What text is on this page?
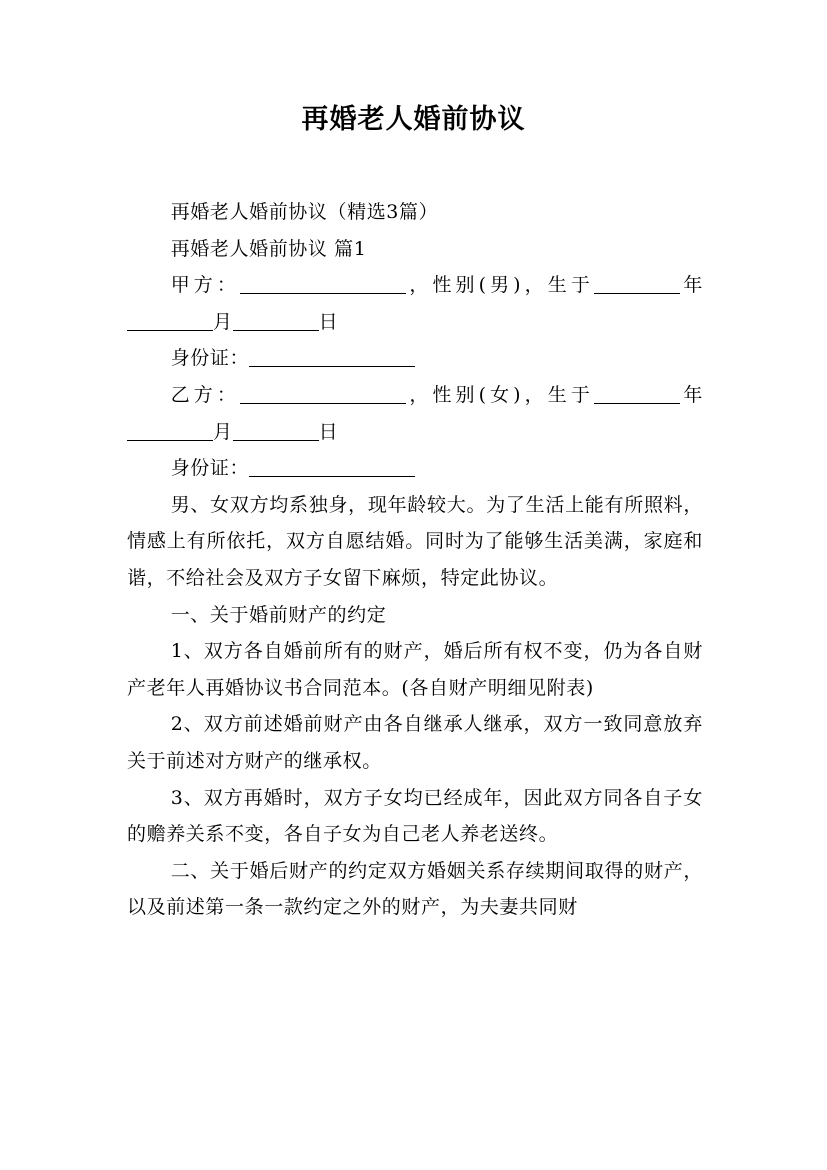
再婚老人婚前协议

再婚老人婚前协议（精选3篇）

再婚老人婚前协议 篇1

甲方：	，性别(男)，生于	年月	日

身份证：

乙方：	，性别(女)，生于	年月	日

身份证：

男、女双方均系独身，现年龄较大。为了生活上能有所照料，情感上有所依托，双方自愿结婚。同时为了能够生活美满，家庭和谐，不给社会及双方子女留下麻烦，特定此协议。

一、关于婚前财产的约定

1、双方各自婚前所有的财产，婚后所有权不变，仍为各自财产老年人再婚协议书合同范本。(各自财产明细见附表)

2、双方前述婚前财产由各自继承人继承，双方一致同意放弃关于前述对方财产的继承权。

3、双方再婚时，双方子女均已经成年，因此双方同各自子女的赡养关系不变，各自子女为自己老人养老送终。

二、关于婚后财产的约定双方婚姻关系存续期间取得的财产，以及前述第一条一款约定之外的财产，为夫妻共同财
